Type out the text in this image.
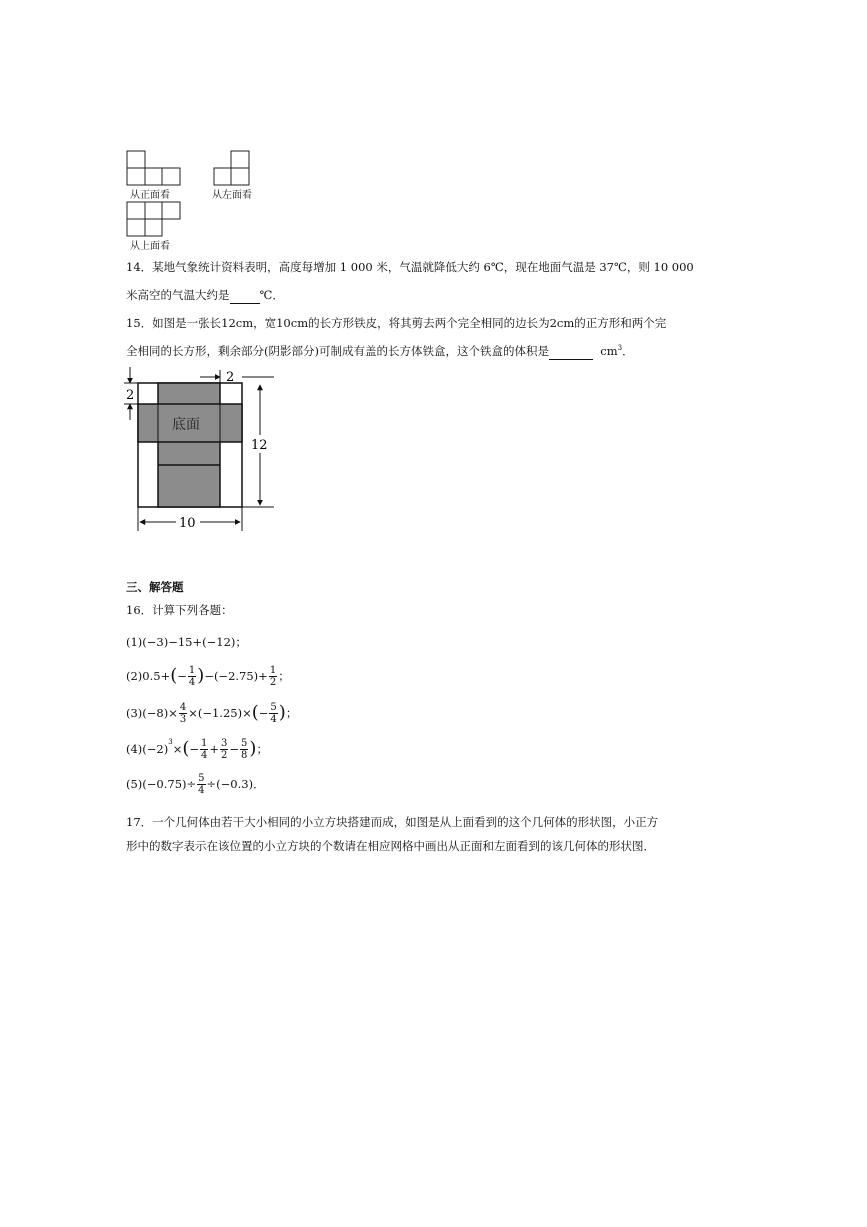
从正面看	从左面看
从上面看
14．某地气象统计资料表明，高度每增加 1 000 米，气温就降低大约 6℃，现在地面气温是 37℃，则 10 000
米高空的气温大约是	℃．
15．如图是一张长12cm，宽10cm的长方形铁皮，将其剪去两个完全相同的边长为2cm的正方形和两个完
全相同的长方形，剩余部分(阴影部分)可制成有盖的长方体铁盒，这个铁盒的体积是	$cm^3$．
2
2
12
10
底面
三、解答题
16．计算下列各题：
(1) (−3)−15+(−12)；
(2) 0.5+ ( − $\frac{1}{4}$ ) $-(-2.75)+ \frac{1}{2}$ ；
(3) $(-8)\times \frac{4}{3} \times(-1.25)\times$ ( − $\frac{5}{4}$ ) ；
(4) $(-2)^3$ × ( − $\frac{1}{4} + \frac{3}{2} - \frac{5}{8}$ ) ；
(5) $(-0.75)\div \frac{5}{4} \div(-0.3)$ ．
17．一个几何体由若干大小相同的小立方块搭建而成，如图是从上面看到的这个几何体的形状图，小正方
形中的数字表示在该位置的小立方块的个数请在相应网格中画出从正面和左面看到的该几何体的形状图．
